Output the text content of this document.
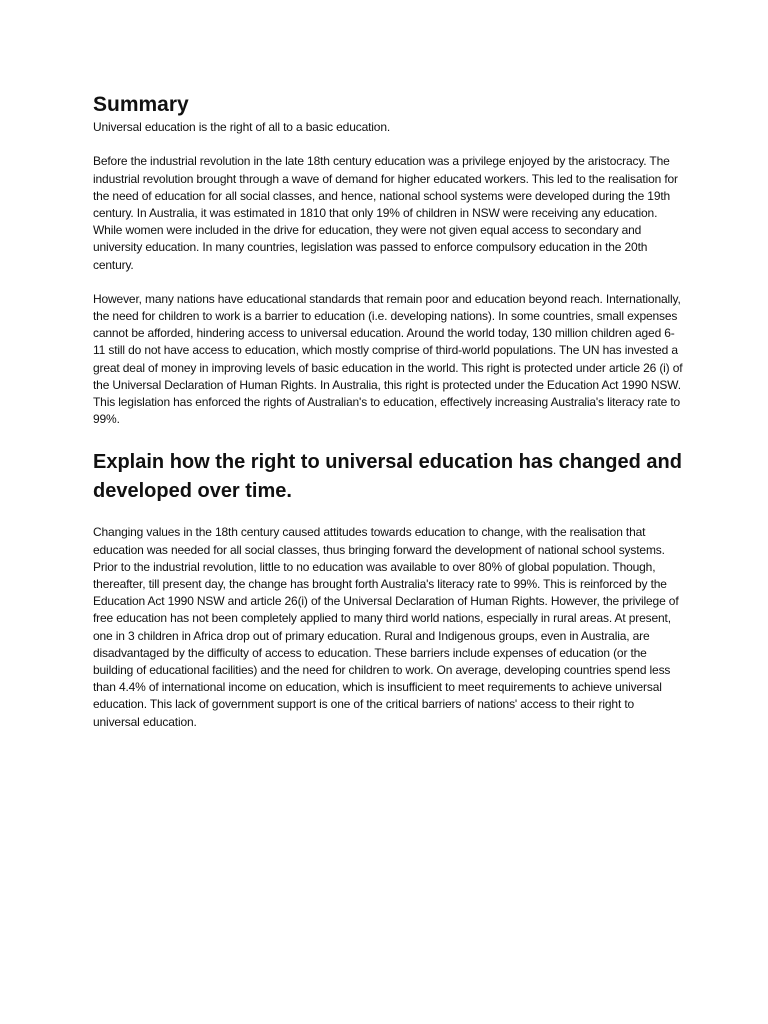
Summary

Universal education is the right of all to a basic education.

Before the industrial revolution in the late 18th century education was a privilege enjoyed by the aristocracy. The industrial revolution brought through a wave of demand for higher educated workers. This led to the realisation for the need of education for all social classes, and hence, national school systems were developed during the 19th century. In Australia, it was estimated in 1810 that only 19% of children in NSW were receiving any education. While women were included in the drive for education, they were not given equal access to secondary and university education. In many countries, legislation was passed to enforce compulsory education in the 20th century.

However, many nations have educational standards that remain poor and education beyond reach. Internationally, the need for children to work is a barrier to education (i.e. developing nations). In some countries, small expenses cannot be afforded, hindering access to universal education. Around the world today, 130 million children aged 6-11 still do not have access to education, which mostly comprise of third-world populations. The UN has invested a great deal of money in improving levels of basic education in the world. This right is protected under article 26 (i) of the Universal Declaration of Human Rights. In Australia, this right is protected under the Education Act 1990 NSW. This legislation has enforced the rights of Australian's to education, effectively increasing Australia's literacy rate to 99%.

Explain how the right to universal education has changed and developed over time.

Changing values in the 18th century caused attitudes towards education to change, with the realisation that education was needed for all social classes, thus bringing forward the development of national school systems. Prior to the industrial revolution, little to no education was available to over 80% of global population. Though, thereafter, till present day, the change has brought forth Australia's literacy rate to 99%. This is reinforced by the Education Act 1990 NSW and article 26(i) of the Universal Declaration of Human Rights. However, the privilege of free education has not been completely applied to many third world nations, especially in rural areas. At present, one in 3 children in Africa drop out of primary education. Rural and Indigenous groups, even in Australia, are disadvantaged by the difficulty of access to education. These barriers include expenses of education (or the building of educational facilities) and the need for children to work. On average, developing countries spend less than 4.4% of international income on education, which is insufficient to meet requirements to achieve universal education. This lack of government support is one of the critical barriers of nations' access to their right to universal education.
